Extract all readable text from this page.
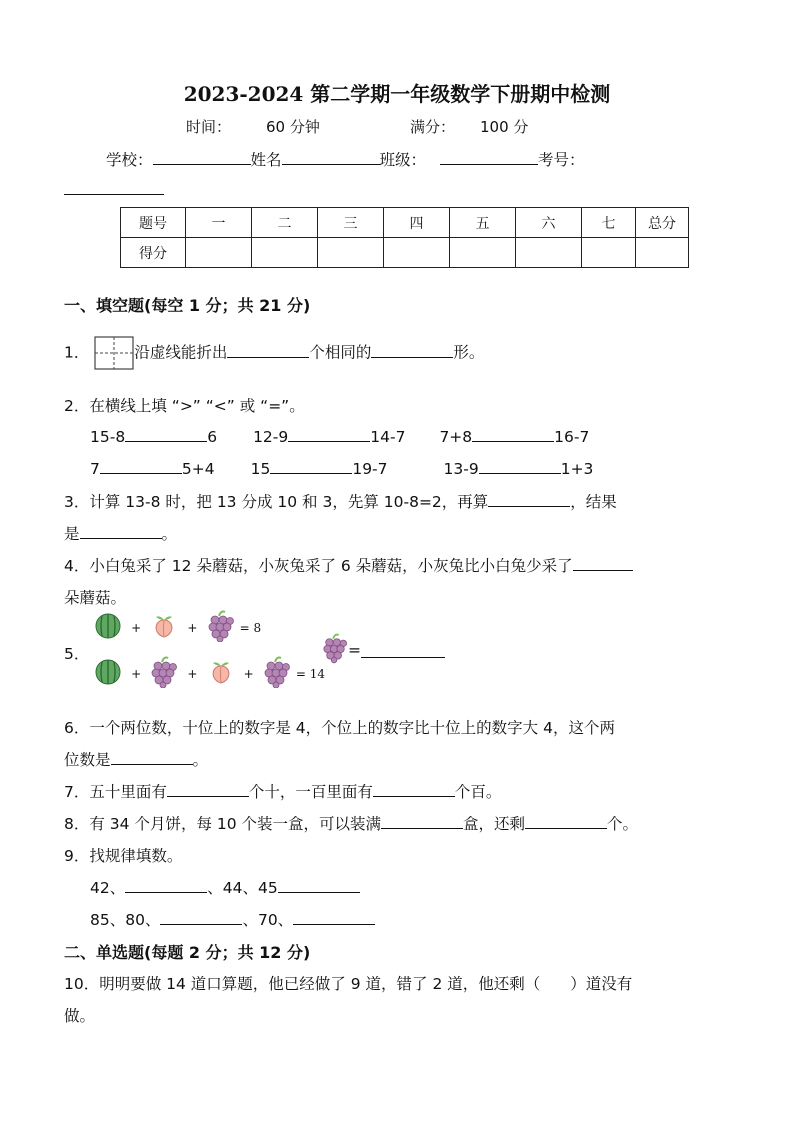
2023-2024 第二学期一年级数学下册期中检测
时间： 60 分钟	满分： 100 分
学校：	姓名	班级：	考号：
题号	一	二	三	四	五	六	七	总分
得分								
一、填空题(每空 1 分；共 21 分)
1．	沿虚线能折出	个相同的	形。
2．在横线上填 “>” “<” 或 “=”。
15-8	6 12-9	14-7 7+8	16-7
7	5+4 15	19-7	13-9	1+3
3．计算 13-8 时，把 13 分成 10 和 3，先算 10-8=2，再算	，结果
是	。
4．小白兔采了 12 朵蘑菇，小灰兔采了 6 朵蘑菇，小灰兔比小白兔少采了
朵蘑菇。
5．
+	+	= 8
+	+	+	= 14
=
6．一个两位数，十位上的数字是 4，个位上的数字比十位上的数字大 4，这个两
位数是	。
7．五十里面有	个十，一百里面有	个百。
8．有 34 个月饼，每 10 个装一盒，可以装满	盒，还剩	个。
9．找规律填数。
42、	、44、45
85、80、	、70、
二、单选题(每题 2 分；共 12 分)
10．明明要做 14 道口算题，他已经做了 9 道，错了 2 道，他还剩（ ）道没有
做。
